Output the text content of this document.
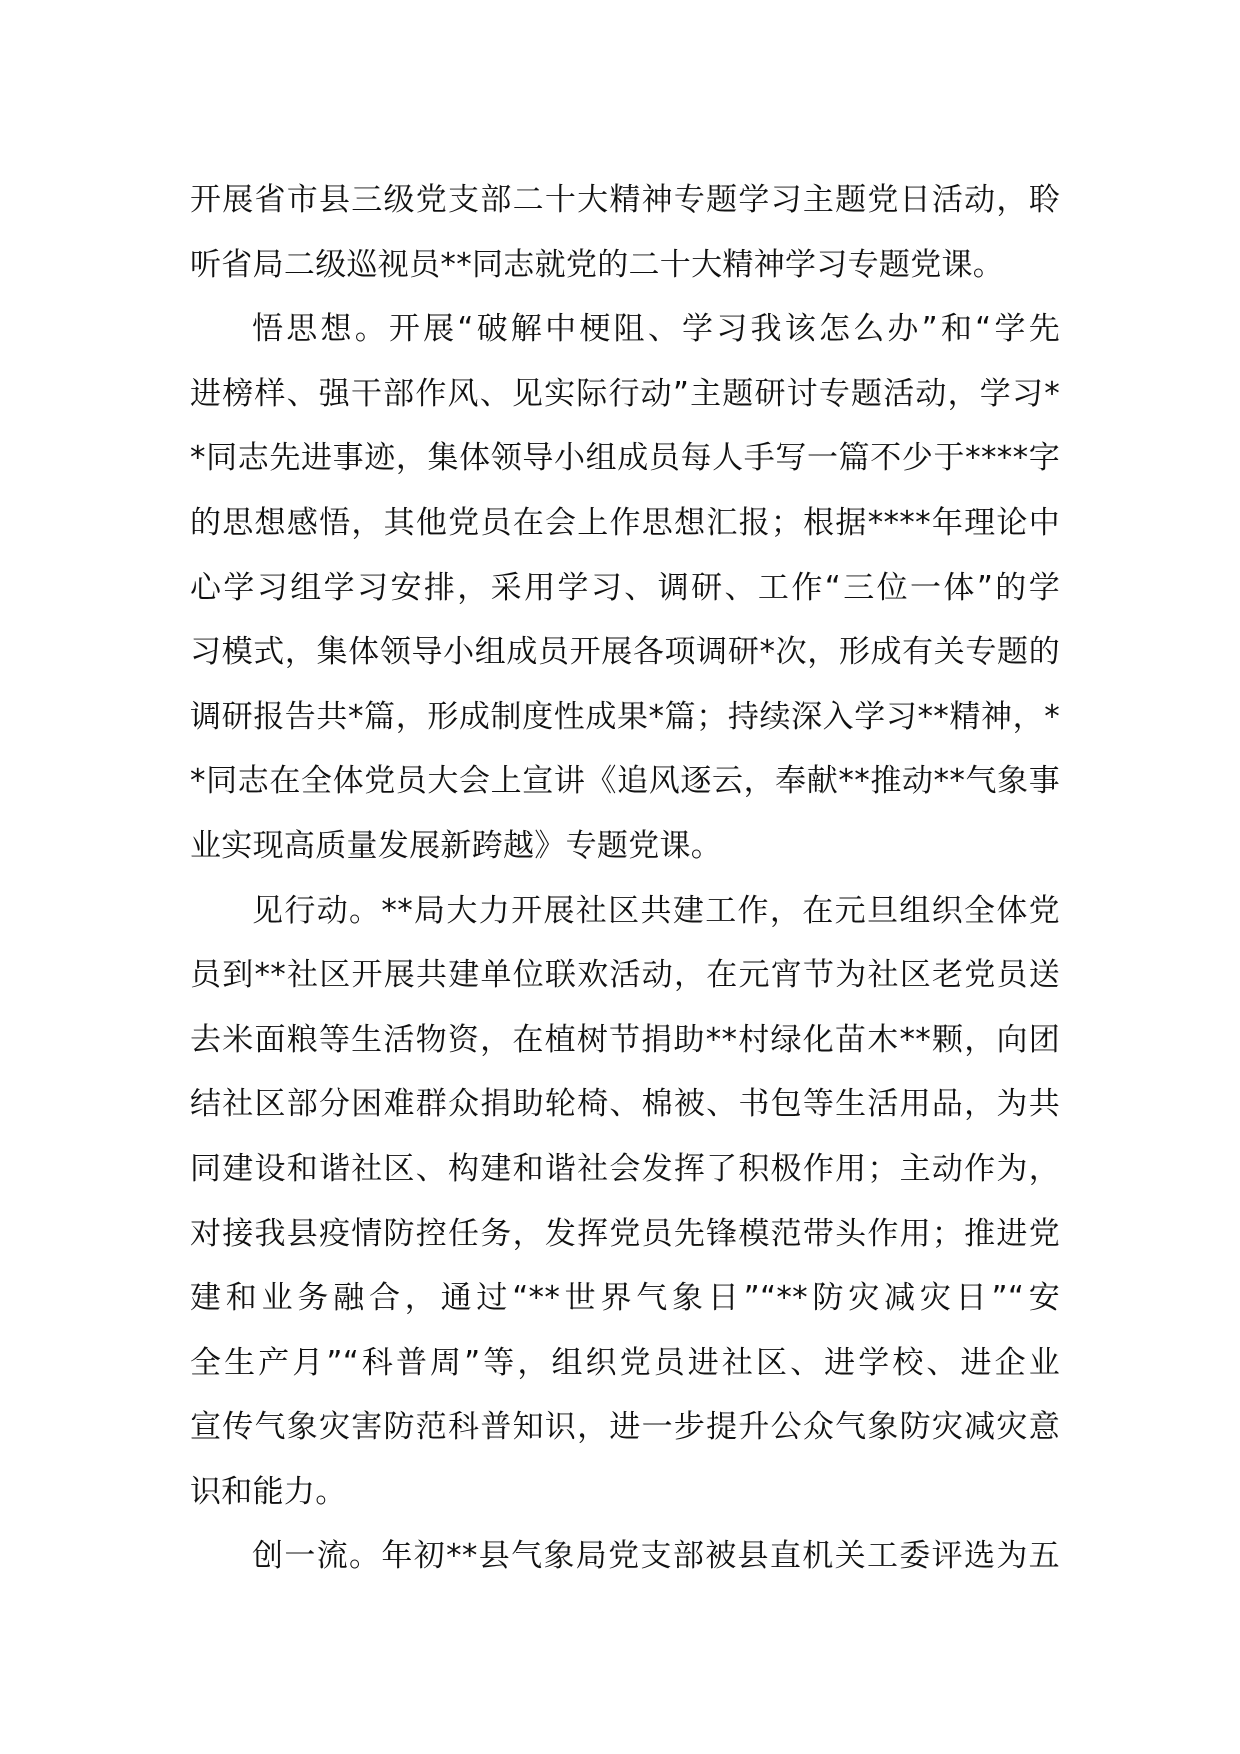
开展省市县三级党支部二十大精神专题学习主题党日活动，聆
听省局二级巡视员**同志就党的二十大精神学习专题党课。
悟思想。开展“破解中梗阻、学习我该怎么办”和“学先
进榜样、强干部作风、见实际行动”主题研讨专题活动，学习*
*同志先进事迹，集体领导小组成员每人手写一篇不少于****字
的思想感悟，其他党员在会上作思想汇报；根据****年理论中
心学习组学习安排，采用学习、调研、工作“三位一体”的学
习模式，集体领导小组成员开展各项调研*次，形成有关专题的
调研报告共*篇，形成制度性成果*篇；持续深入学习**精神，*
*同志在全体党员大会上宣讲《追风逐云，奉献**推动**气象事
业实现高质量发展新跨越》专题党课。
见行动。**局大力开展社区共建工作，在元旦组织全体党
员到**社区开展共建单位联欢活动，在元宵节为社区老党员送
去米面粮等生活物资，在植树节捐助**村绿化苗木**颗，向团
结社区部分困难群众捐助轮椅、棉被、书包等生活用品，为共
同建设和谐社区、构建和谐社会发挥了积极作用；主动作为，
对接我县疫情防控任务，发挥党员先锋模范带头作用；推进党
建和业务融合，通过“**世界气象日”“**防灾减灾日”“安
全生产月”“科普周”等，组织党员进社区、进学校、进企业
宣传气象灾害防范科普知识，进一步提升公众气象防灾减灾意
识和能力。
创一流。年初**县气象局党支部被县直机关工委评选为五
